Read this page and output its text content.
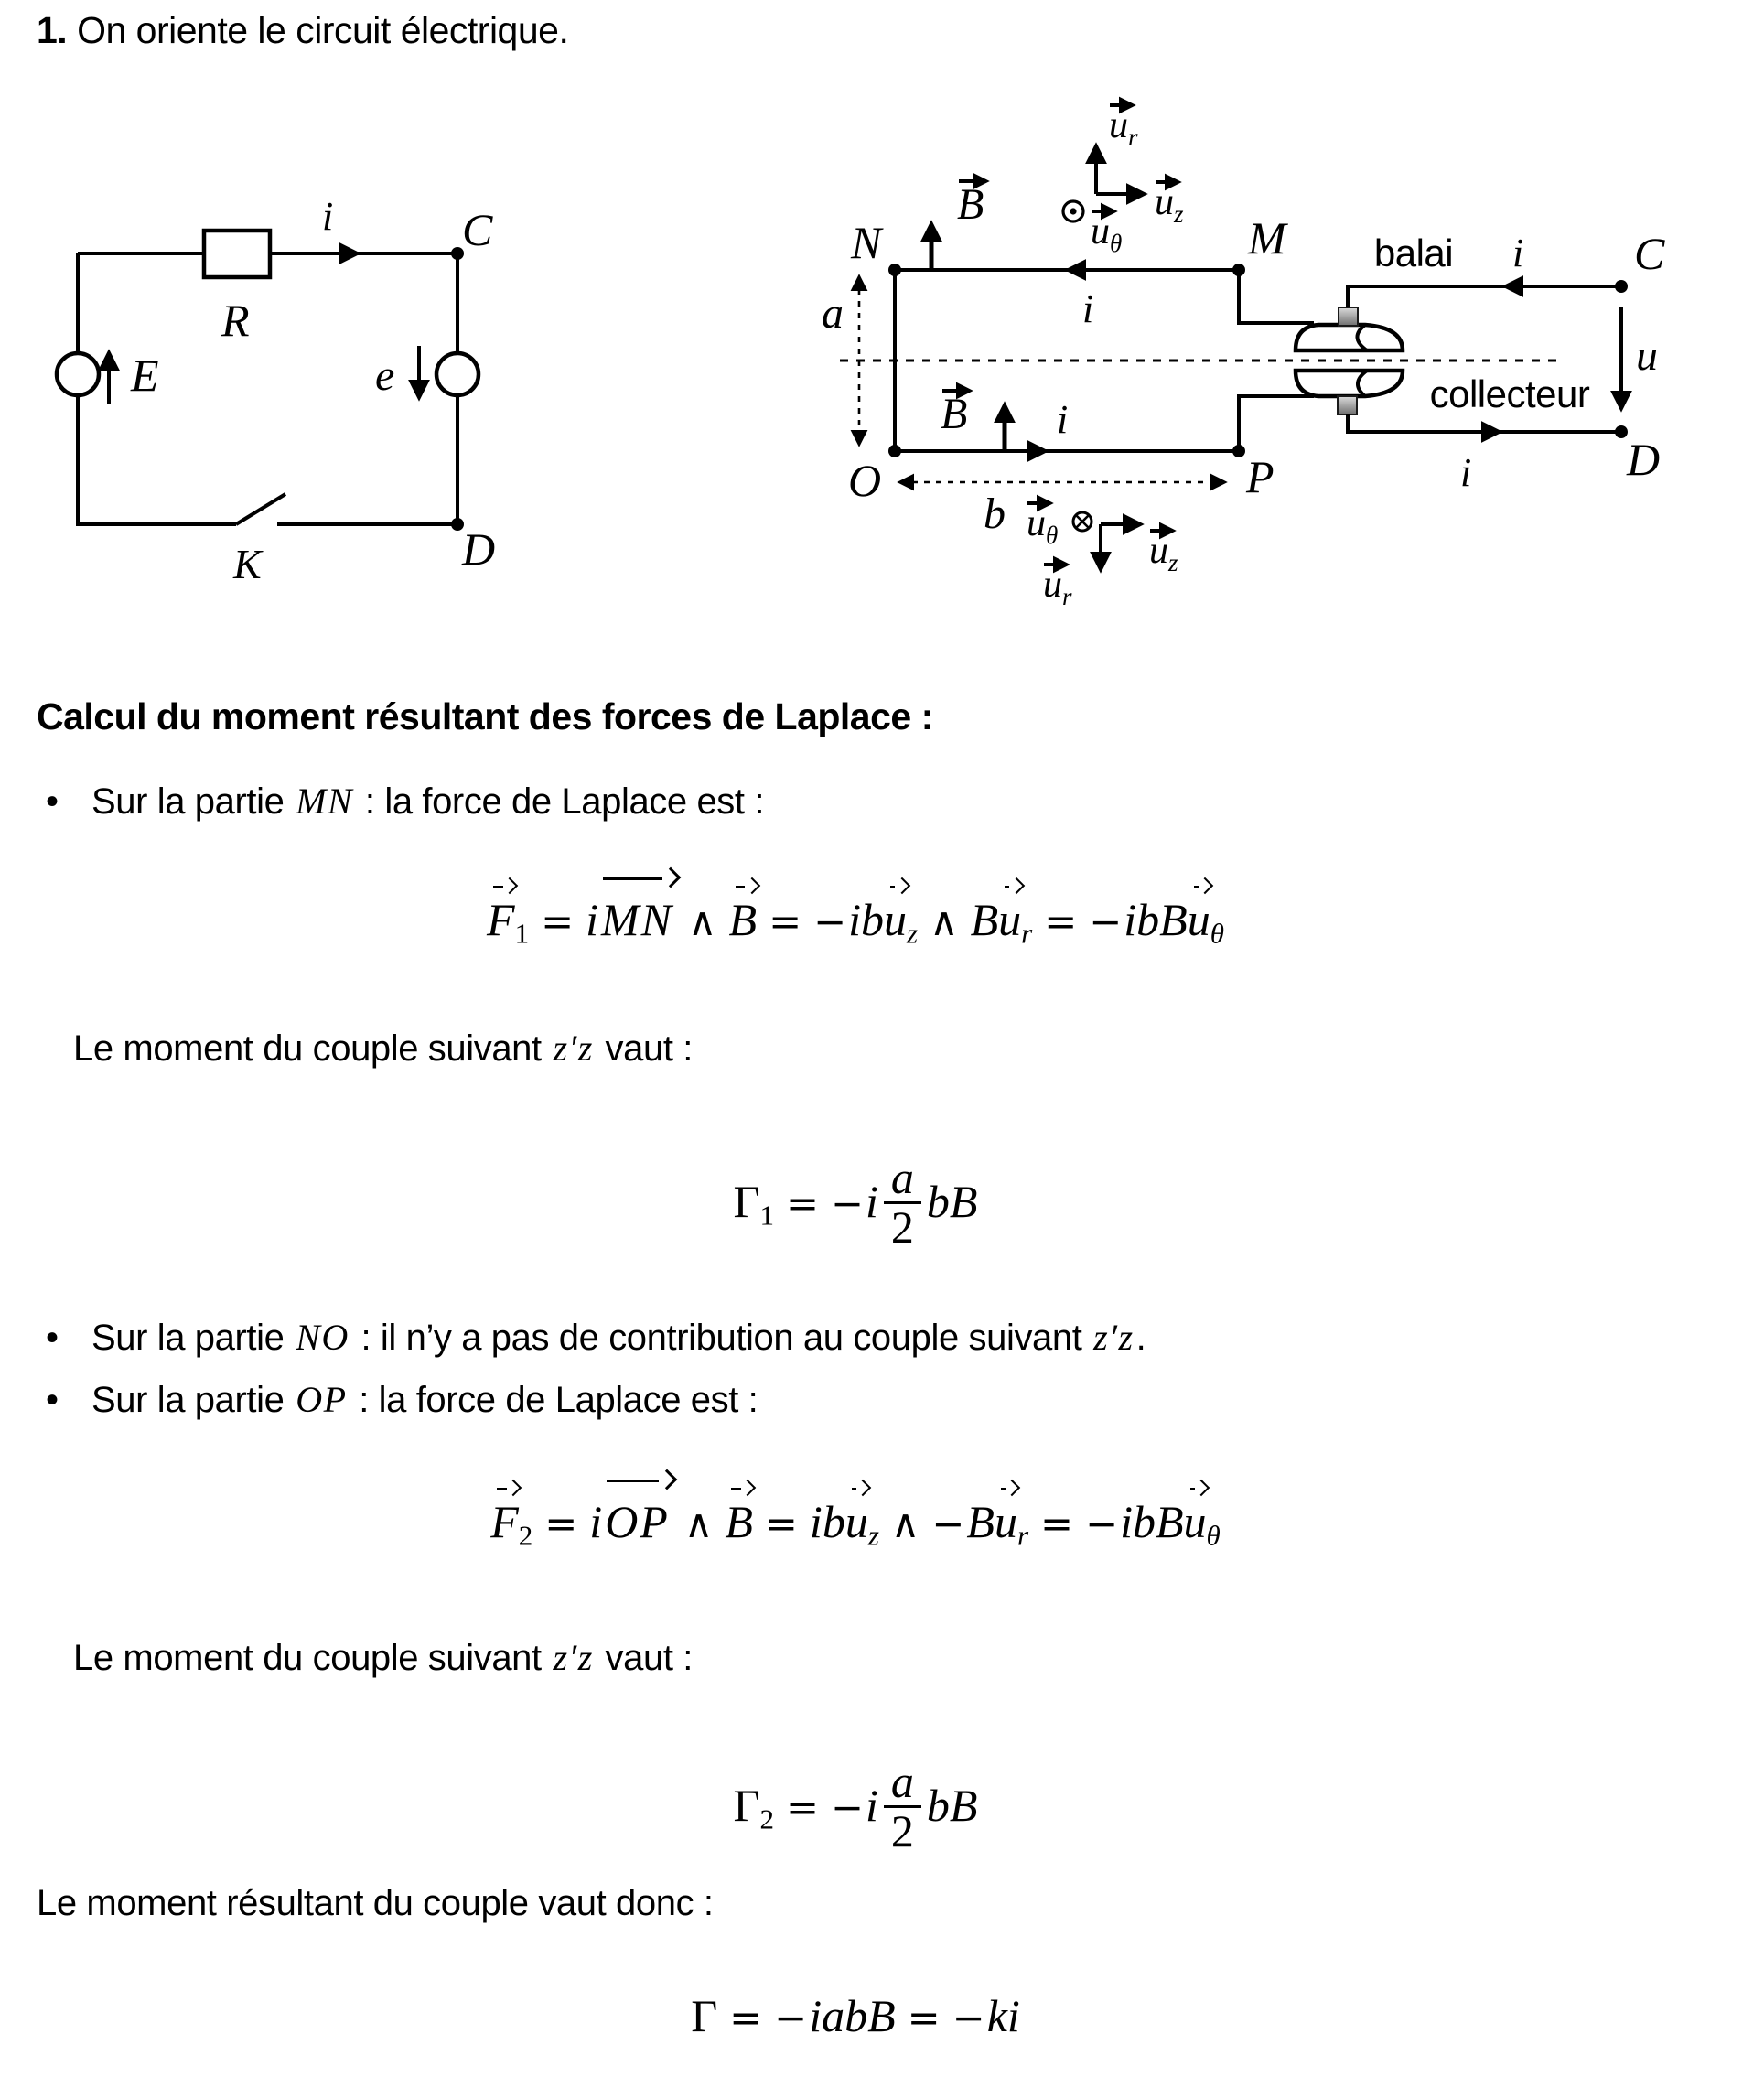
1. On oriente le circuit électrique.
R
E	e
i	C
D
K
N	M
O	P
C
D
a
b
i
i
i
i
u
balai
collecteur
B
B
$u_r$
$u_z$
$u_\theta$
$u_\theta$ $u_z$
$u_r$
Calcul du moment résultant des forces de Laplace :
• Sur la partie MN : la force de Laplace est :
$F_1$ = iMN ∧ B = −ibu$_z$ ∧ $Bu_r$ = −ibBu$_\theta$
Le moment du couple suivant z′z vaut :
$\Gamma_1 = -i \frac{a}{2}$ bB
• Sur la partie NO : il n’y a pas de contribution au couple suivant z′z.
• Sur la partie OP : la force de Laplace est :
$F_2$ = iOP ∧ B = ibu$_z$ ∧ $-Bu_r$ = −ibBu$_\theta$
Le moment du couple suivant z′z vaut :
$\Gamma_2 = -i \frac{a}{2}$ bB
Le moment résultant du couple vaut donc :
Γ = −iabB = −ki
